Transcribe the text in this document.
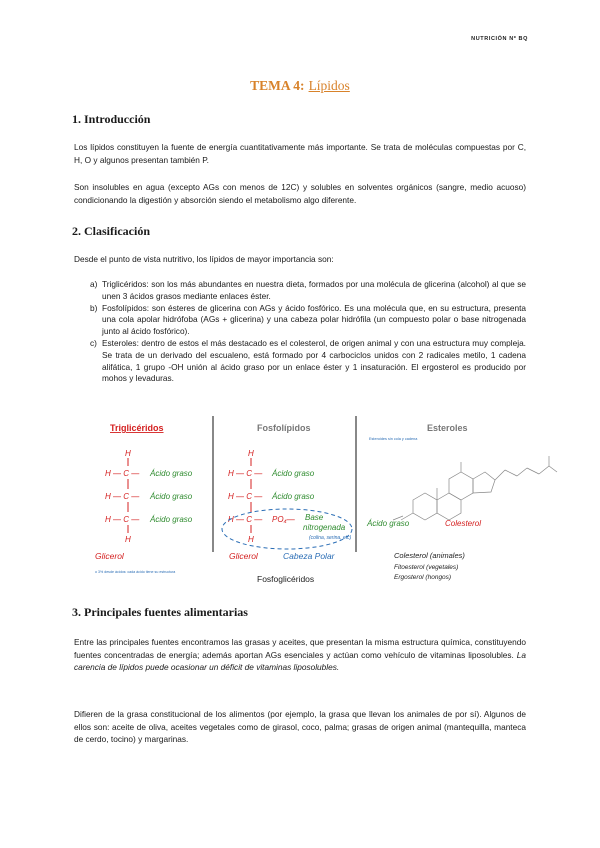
NUTRICIÓN Nº BQ
TEMA 4: Lípidos
1. Introducción

Los lípidos constituyen la fuente de energía cuantitativamente más importante. Se trata de moléculas compuestas por C, H, O y algunos presentan también P.

Son insolubles en agua (excepto AGs con menos de 12C) y solubles en solventes orgánicos (sangre, medio acuoso) condicionando la digestión y absorción siendo el metabolismo algo diferente.

2. Clasificación

Desde el punto de vista nutritivo, los lípidos de mayor importancia son:

a) Triglicéridos: son los más abundantes en nuestra dieta, formados por una molécula de glicerina (alcohol) al que se unen 3 ácidos grasos mediante enlaces éster.
b) Fosfolípidos: son ésteres de glicerina con AGs y ácido fosfórico. Es una molécula que, en su estructura, presenta una cola apolar hidrófoba (AGs + glicerina) y una cabeza polar hidrófila (un compuesto polar o base nitrogenada junto al ácido fosfórico).
c) Esteroles: dentro de estos el más destacado es el colesterol, de origen animal y con una estructura muy compleja. Se trata de un derivado del escualeno, está formado por 4 carbociclos unidos con 2 radicales metilo, 1 cadena alifática, 1 grupo -OH unión al ácido graso por un enlace éster y 1 insaturación. El ergosterol es producido por mohos y levaduras.
Triglicéridos
H
H — C — Ácido graso
H — C — Ácido graso
H — C — Ácido graso
H
Glicerol
o 3% desde ácidos: cada ácido tiene su estructura
Fosfolípidos
H
H — C — Ácido graso
H — C — Ácido graso
H — C — PO₄— Base
nitrogenada
(colina, serina, etc)
H
Glicerol	Cabeza Polar
Fosfoglicéridos
Esteroles
Esteroides sin cola y cadena
Ácido graso	Colesterol
Colesterol (animales)
Fitoesterol (vegetales)
Ergosterol (hongos)
3. Principales fuentes alimentarias

Entre las principales fuentes encontramos las grasas y aceites, que presentan la misma estructura química, constituyendo fuentes concentradas de energía; además aportan AGs esenciales y actúan como vehículo de vitaminas liposolubles. La carencia de lípidos puede ocasionar un déficit de vitaminas liposolubles.

Difieren de la grasa constitucional de los alimentos (por ejemplo, la grasa que llevan los animales de por sí). Algunos de ellos son: aceite de oliva, aceites vegetales como de girasol, coco, palma; grasas de origen animal (mantequilla, manteca de cerdo, tocino) y margarinas.
